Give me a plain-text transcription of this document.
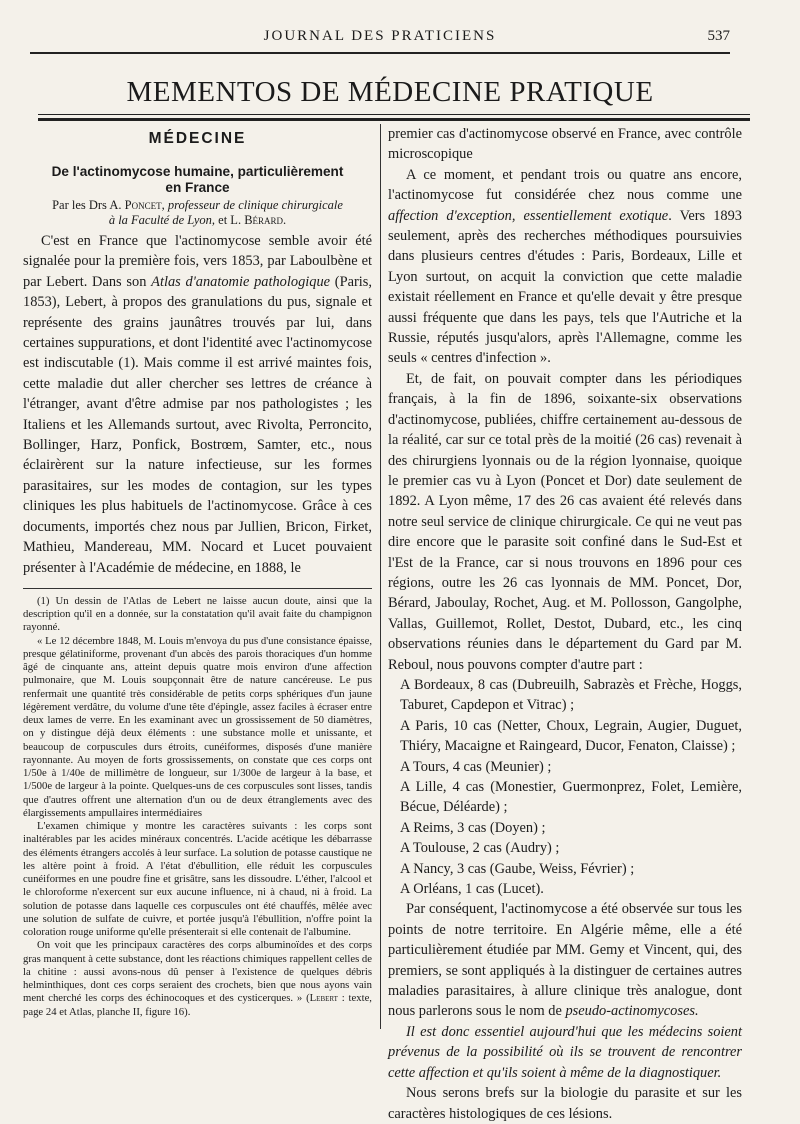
JOURNAL DES PRATICIENS	537
MEMENTOS DE MÉDECINE PRATIQUE
MÉDECINE
De l'actinomycose humaine, particulièrement
en France
Par les Drs A. Poncet, professeur de clinique chirurgicale
à la Faculté de Lyon, et L. Bérard.

C'est en France que l'actinomycose semble avoir été signalée pour la première fois, vers 1853, par Laboulbène et par Lebert. Dans son Atlas d'anatomie pathologique (Paris, 1853), Lebert, à propos des granulations du pus, signale et représente des grains jaunâtres trouvés par lui, dans certaines suppurations, et dont l'identité avec l'actinomycose est indiscutable (1). Mais comme il est arrivé maintes fois, cette maladie dut aller chercher ses lettres de créance à l'étranger, avant d'être admise par nos pathologistes ; les Italiens et les Allemands surtout, avec Rivolta, Perroncito, Bollinger, Harz, Ponfick, Bostrœm, Samter, etc., nous éclairèrent sur la nature infectieuse, sur les formes parasitaires, sur les modes de contagion, sur les types cliniques les plus habituels de l'actinomycose. Grâce à ces documents, importés chez nous par Jullien, Bricon, Firket, Mathieu, Mandereau, MM. Nocard et Lucet pouvaient présenter à l'Académie de médecine, en 1888, le

(1) Un dessin de l'Atlas de Lebert ne laisse aucun doute, ainsi que la description qu'il en a donnée, sur la constatation qu'il avait faite du champignon rayonné.

« Le 12 décembre 1848, M. Louis m'envoya du pus d'une consistance épaisse, presque gélatiniforme, provenant d'un abcès des parois thoraciques d'un homme âgé de cinquante ans, atteint depuis quatre mois environ d'une affection pulmonaire, que M. Louis soupçonnait être de nature cancéreuse. Le pus renfermait une quantité très considérable de petits corps sphériques d'un jaune légèrement verdâtre, du volume d'une tête d'épingle, assez faciles à écraser entre deux lames de verre. En les examinant avec un grossissement de 50 diamètres, on y distingue déjà deux éléments : une substance molle et unissante, et beaucoup de corpuscules durs étroits, cunéiformes, disposés d'une manière rayonnante. Au moyen de forts grossissements, on constate que ces corps ont 1/50e à 1/40e de millimètre de longueur, sur 1/300e de largeur à la base, et 1/500e de largeur à la pointe. Quelques-uns de ces corpuscules sont lisses, tandis que d'autres offrent une alternation d'un ou de deux étranglements avec des élargissements ampullaires intermédiaires

L'examen chimique y montre les caractères suivants : les corps sont inaltérables par les acides minéraux concentrés. L'acide acétique les débarrasse des éléments étrangers accolés à leur surface. La solution de potasse caustique ne les altère point à froid. A l'état d'ébullition, elle réduit les corpuscules cunéiformes en une poudre fine et grisâtre, sans les dissoudre. L'éther, l'alcool et le chloroforme n'exercent sur eux aucune influence, ni à chaud, ni à froid. La solution de potasse dans laquelle ces corpuscules ont été chauffés, mêlée avec une solution de sulfate de cuivre, et portée jusqu'à l'ébullition, n'offre point la coloration rouge uniforme qu'elle présenterait si elle contenait de l'albumine.

On voit que les principaux caractères des corps albuminoïdes et des corps gras manquent à cette substance, dont les réactions chimiques rappellent celles de la chitine : aussi avons-nous dû penser à l'existence de quelques débris helminthiques, dont ces corps seraient des crochets, bien que nous ayons vain ment cherché les corps des échinocoques et des cysticerques. » (Lebert : texte, page 24 et Atlas, planche II, figure 16).

premier cas d'actinomycose observé en France, avec contrôle microscopique

A ce moment, et pendant trois ou quatre ans encore, l'actinomycose fut considérée chez nous comme une affection d'exception, essentiellement exotique. Vers 1893 seulement, après des recherches méthodiques poursuivies dans plusieurs centres d'études : Paris, Bordeaux, Lille et Lyon surtout, on acquit la conviction que cette maladie existait réellement en France et qu'elle devait y être presque aussi fréquente que dans les pays, tels que l'Autriche et la Russie, réputés jusqu'alors, après l'Allemagne, comme les seuls « centres d'infection ».

Et, de fait, on pouvait compter dans les périodiques français, à la fin de 1896, soixante-six observations d'actinomycose, publiées, chiffre certainement au-dessous de la réalité, car sur ce total près de la moitié (26 cas) revenait à des chirurgiens lyonnais ou de la région lyonnaise, quoique le premier cas vu à Lyon (Poncet et Dor) date seulement de 1892. A Lyon même, 17 des 26 cas avaient été relevés dans notre seul service de clinique chirurgicale. Ce qui ne veut pas dire encore que le parasite soit confiné dans le Sud-Est et l'Est de la France, car si nous trouvons en 1896 pour ces régions, outre les 26 cas lyonnais de MM. Poncet, Dor, Bérard, Jaboulay, Rochet, Aug. et M. Pollosson, Gangolphe, Vallas, Guillemot, Rollet, Destot, Dubard, etc., les cinq observations réunies dans le département du Gard par M. Reboul, nous pouvons compter d'autre part :

A Bordeaux, 8 cas (Dubreuilh, Sabrazès et Frèche, Hoggs, Taburet, Capdepon et Vitrac) ;

A Paris, 10 cas (Netter, Choux, Legrain, Augier, Duguet, Thiéry, Macaigne et Raingeard, Ducor, Fenaton, Claisse) ;

A Tours, 4 cas (Meunier) ;

A Lille, 4 cas (Monestier, Guermonprez, Folet, Lemière, Bécue, Déléarde) ;

A Reims, 3 cas (Doyen) ;

A Toulouse, 2 cas (Audry) ;

A Nancy, 3 cas (Gaube, Weiss, Février) ;

A Orléans, 1 cas (Lucet).

Par conséquent, l'actinomycose a été observée sur tous les points de notre territoire. En Algérie même, elle a été particulièrement étudiée par MM. Gemy et Vincent, qui, des premiers, se sont appliqués à la distinguer de certaines autres maladies parasitaires, à allure clinique très analogue, dont nous parlerons sous le nom de pseudo-actinomycoses.

Il est donc essentiel aujourd'hui que les médecins soient prévenus de la possibilité où ils se trouvent de rencontrer cette affection et qu'ils soient à même de la diagnostiquer.

Nous serons brefs sur la biologie du parasite et sur les caractères histologiques de ces lésions.
